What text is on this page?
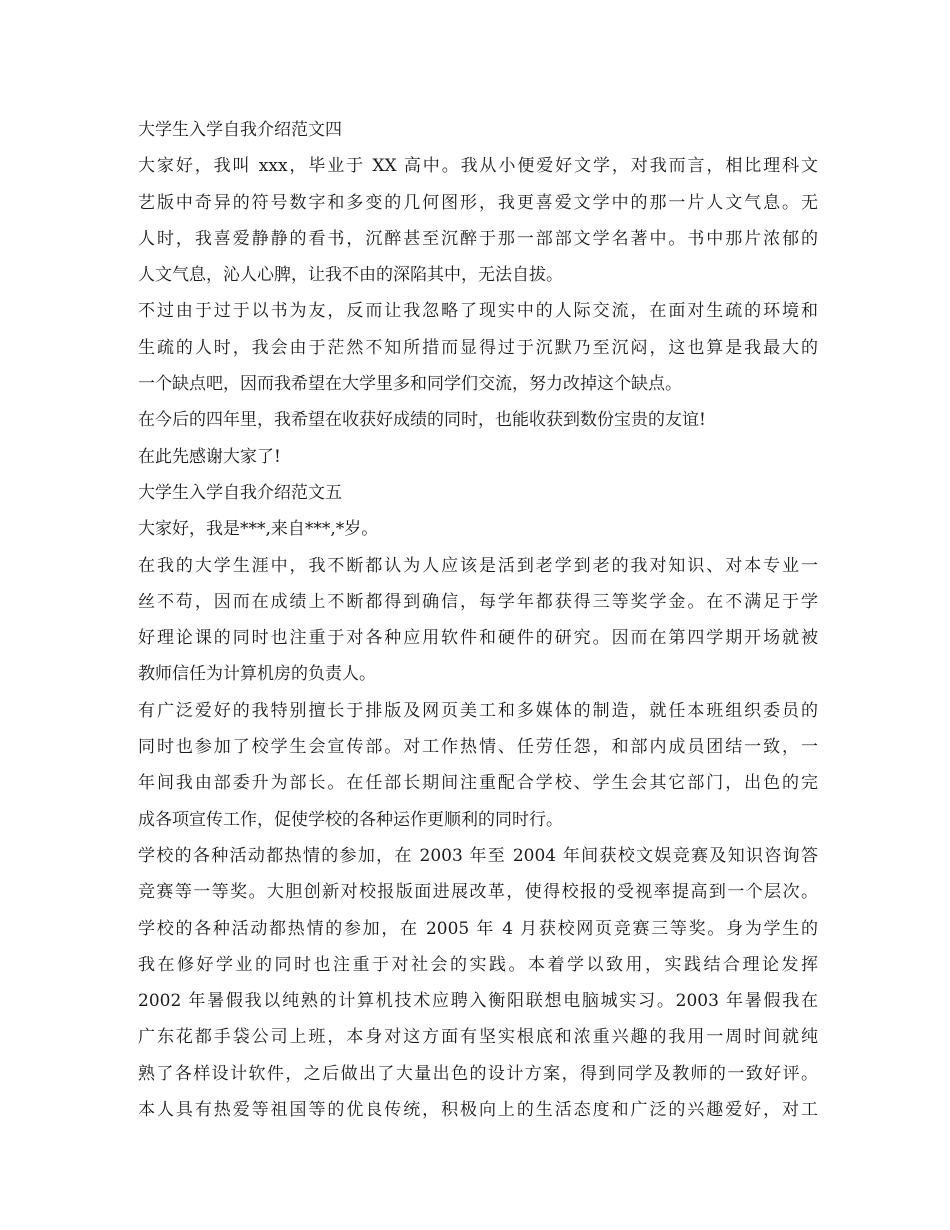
大学生入学自我介绍范文四
大家好，我叫 xxx，毕业于 XX 高中。我从小便爱好文学，对我而言，相比理科文
艺版中奇异的符号数字和多变的几何图形，我更喜爱文学中的那一片人文气息。无
人时，我喜爱静静的看书，沉醉甚至沉醉于那一部部文学名著中。书中那片浓郁的
人文气息，沁人心脾，让我不由的深陷其中，无法自拔。
不过由于过于以书为友，反而让我忽略了现实中的人际交流，在面对生疏的环境和
生疏的人时，我会由于茫然不知所措而显得过于沉默乃至沉闷，这也算是我最大的
一个缺点吧，因而我希望在大学里多和同学们交流，努力改掉这个缺点。
在今后的四年里，我希望在收获好成绩的同时，也能收获到数份宝贵的友谊!
在此先感谢大家了!
大学生入学自我介绍范文五
大家好，我是***,来自***,*岁。
在我的大学生涯中，我不断都认为人应该是活到老学到老的我对知识、对本专业一
丝不苟，因而在成绩上不断都得到确信，每学年都获得三等奖学金。在不满足于学
好理论课的同时也注重于对各种应用软件和硬件的研究。因而在第四学期开场就被
教师信任为计算机房的负责人。
有广泛爱好的我特别擅长于排版及网页美工和多媒体的制造，就任本班组织委员的
同时也参加了校学生会宣传部。对工作热情、任劳任怨，和部内成员团结一致，一
年间我由部委升为部长。在任部长期间注重配合学校、学生会其它部门，出色的完
成各项宣传工作，促使学校的各种运作更顺利的同时行。
学校的各种活动都热情的参加，在 2003 年至 2004 年间获校文娱竞赛及知识咨询答
竞赛等一等奖。大胆创新对校报版面进展改革，使得校报的受视率提高到一个层次。
学校的各种活动都热情的参加，在 2005 年 4 月获校网页竞赛三等奖。身为学生的
我在修好学业的同时也注重于对社会的实践。本着学以致用，实践结合理论发挥
2002 年暑假我以纯熟的计算机技术应聘入衡阳联想电脑城实习。2003 年暑假我在
广东花都手袋公司上班，本身对这方面有坚实根底和浓重兴趣的我用一周时间就纯
熟了各样设计软件，之后做出了大量出色的设计方案，得到同学及教师的一致好评。
本人具有热爱等祖国等的优良传统，积极向上的生活态度和广泛的兴趣爱好，对工
